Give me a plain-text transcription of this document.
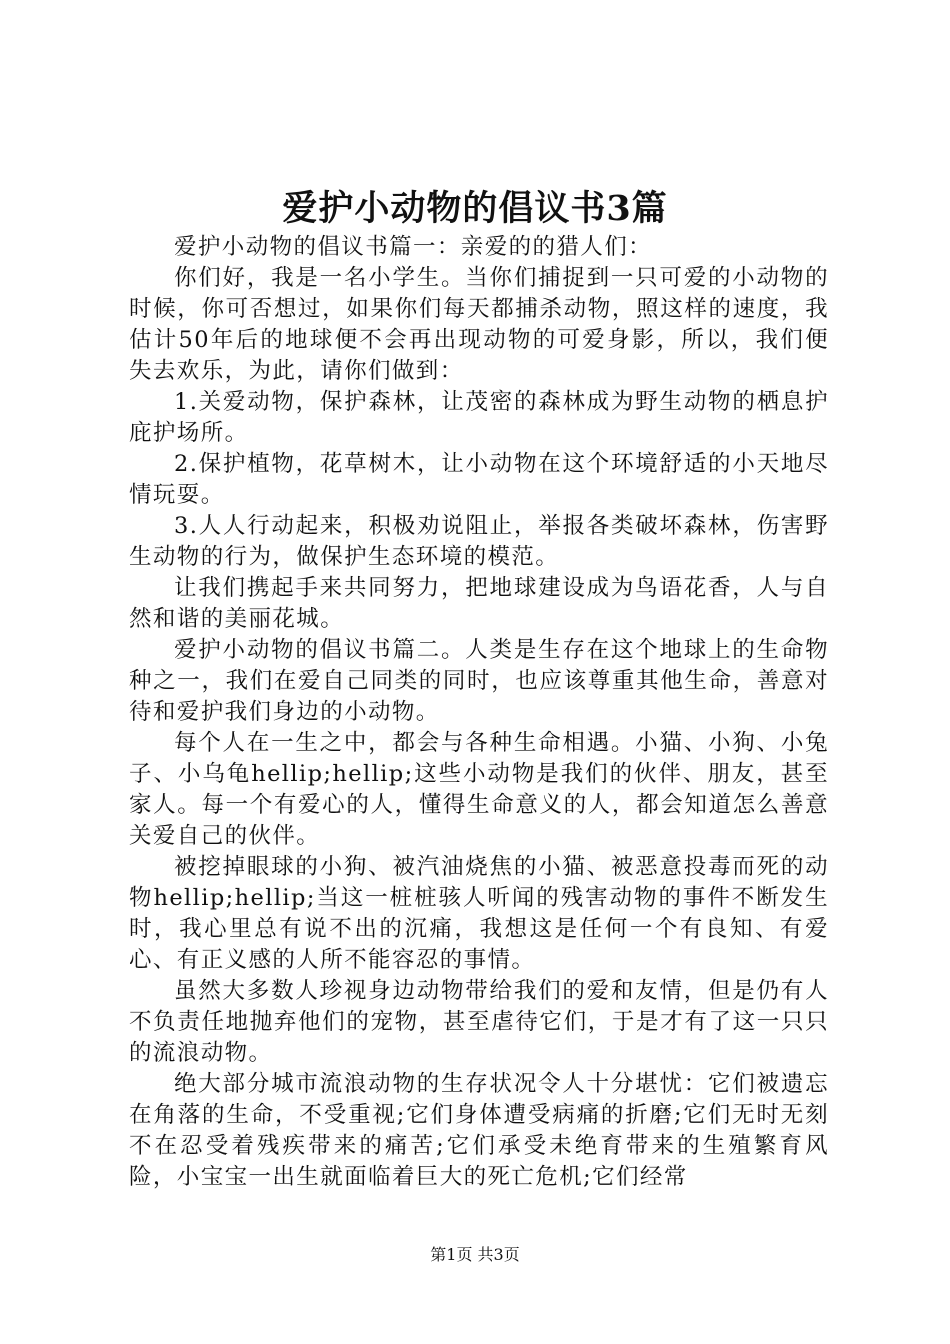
爱护小动物的倡议书3篇

爱护小动物的倡议书篇一：亲爱的的猎人们：

你们好，我是一名小学生。当你们捕捉到一只可爱的小动物的时候，你可否想过，如果你们每天都捕杀动物，照这样的速度，我估计50年后的地球便不会再出现动物的可爱身影，所以，我们便失去欢乐，为此，请你们做到：

1.关爱动物，保护森林，让茂密的森林成为野生动物的栖息护庇护场所。

2.保护植物，花草树木，让小动物在这个环境舒适的小天地尽情玩耍。

3.人人行动起来，积极劝说阻止，举报各类破坏森林，伤害野生动物的行为，做保护生态环境的模范。

让我们携起手来共同努力，把地球建设成为鸟语花香，人与自然和谐的美丽花城。

爱护小动物的倡议书篇二。人类是生存在这个地球上的生命物种之一，我们在爱自己同类的同时，也应该尊重其他生命，善意对待和爱护我们身边的小动物。

每个人在一生之中，都会与各种生命相遇。小猫、小狗、小兔子、小乌龟hellip;hellip;这些小动物是我们的伙伴、朋友，甚至家人。每一个有爱心的人，懂得生命意义的人，都会知道怎么善意关爱自己的伙伴。

被挖掉眼球的小狗、被汽油烧焦的小猫、被恶意投毒而死的动物hellip;hellip;当这一桩桩骇人听闻的残害动物的事件不断发生时，我心里总有说不出的沉痛，我想这是任何一个有良知、有爱心、有正义感的人所不能容忍的事情。

虽然大多数人珍视身边动物带给我们的爱和友情，但是仍有人不负责任地抛弃他们的宠物，甚至虐待它们，于是才有了这一只只的流浪动物。

绝大部分城市流浪动物的生存状况令人十分堪忧：它们被遗忘在角落的生命，不受重视;它们身体遭受病痛的折磨;它们无时无刻不在忍受着残疾带来的痛苦;它们承受未绝育带来的生殖繁育风险，小宝宝一出生就面临着巨大的死亡危机;它们经常

第1页 共3页
